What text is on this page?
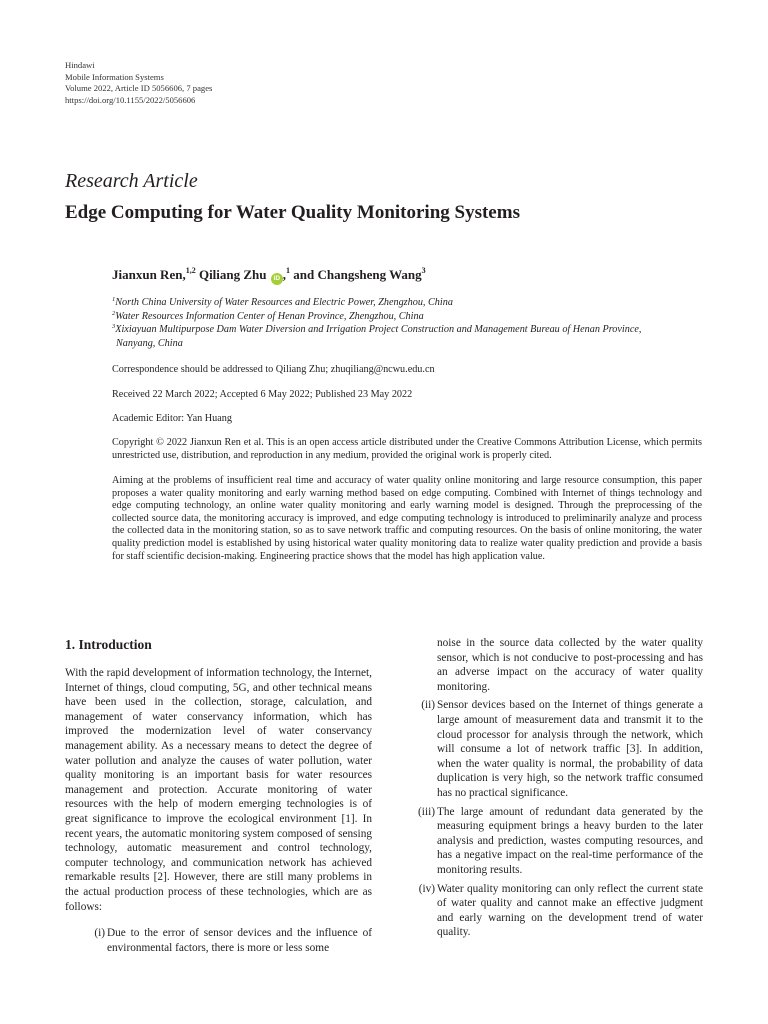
Hindawi
Mobile Information Systems
Volume 2022, Article ID 5056606, 7 pages
https://doi.org/10.1155/2022/5056606
Research Article
Edge Computing for Water Quality Monitoring Systems
Jianxun Ren,$^{1,2}$ Qiliang Zhu iD ,$^1$ and Changsheng Wang$^3$
$^1$North China University of Water Resources and Electric Power, Zhengzhou, China
$^2$Water Resources Information Center of Henan Province, Zhengzhou, China
$^3$Xixiayuan Multipurpose Dam Water Diversion and Irrigation Project Construction and Management Bureau of Henan Province,
Nanyang, China
Correspondence should be addressed to Qiliang Zhu; zhuqiliang@ncwu.edu.cn
Received 22 March 2022; Accepted 6 May 2022; Published 23 May 2022
Academic Editor: Yan Huang
Copyright © 2022 Jianxun Ren et al. This is an open access article distributed under the Creative Commons Attribution License, which permits unrestricted use, distribution, and reproduction in any medium, provided the original work is properly cited.
Aiming at the problems of insufficient real time and accuracy of water quality online monitoring and large resource consumption, this paper proposes a water quality monitoring and early warning method based on edge computing. Combined with Internet of things technology and edge computing technology, an online water quality monitoring and early warning model is designed. Through the preprocessing of the collected source data, the monitoring accuracy is improved, and edge computing technology is introduced to preliminarily analyze and process the collected data in the monitoring station, so as to save network traffic and computing resources. On the basis of online monitoring, the water quality prediction model is established by using historical water quality monitoring data to realize water quality prediction and provide a basis for staff scientific decision-making. Engineering practice shows that the model has high application value.
1. Introduction
With the rapid development of information technology, the Internet, Internet of things, cloud computing, 5G, and other technical means have been used in the collection, storage, calculation, and management of water conservancy information, which has improved the modernization level of water conservancy management ability. As a necessary means to detect the degree of water pollution and analyze the causes of water pollution, water quality monitoring is an important basis for water resources management and protection. Accurate monitoring of water resources with the help of modern emerging technologies is of great significance to improve the ecological environment [1]. In recent years, the automatic monitoring system composed of sensing technology, automatic measurement and control technology, computer technology, and communication network has achieved remarkable results [2]. However, there are still many problems in the actual production process of these technologies, which are as follows:
(i) Due to the error of sensor devices and the influence of environmental factors, there is more or less some
noise in the source data collected by the water quality sensor, which is not conducive to post-processing and has an adverse impact on the accuracy of water quality monitoring.
(ii) Sensor devices based on the Internet of things generate a large amount of measurement data and transmit it to the cloud processor for analysis through the network, which will consume a lot of network traffic [3]. In addition, when the water quality is normal, the probability of data duplication is very high, so the network traffic consumed has no practical significance.
(iii) The large amount of redundant data generated by the measuring equipment brings a heavy burden to the later analysis and prediction, wastes computing resources, and has a negative impact on the real-time performance of the monitoring results.
(iv) Water quality monitoring can only reflect the current state of water quality and cannot make an effective judgment and early warning on the development trend of water quality.
